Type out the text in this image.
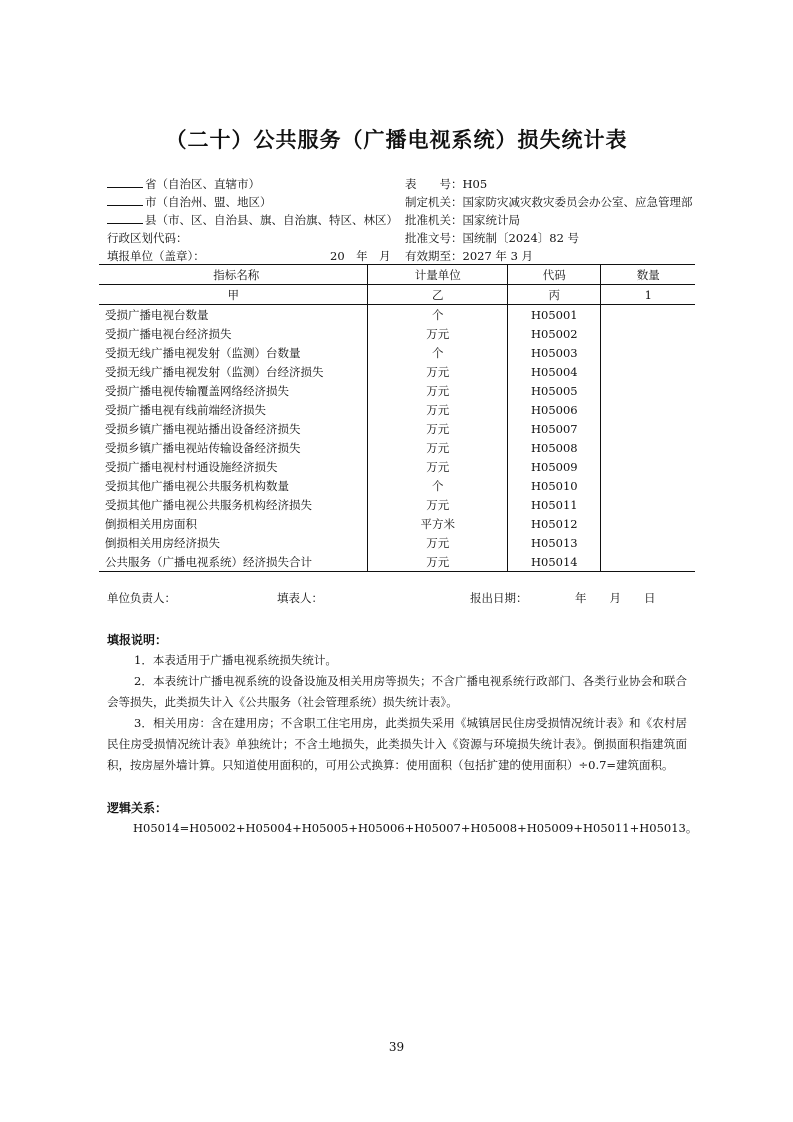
（二十）公共服务（广播电视系统）损失统计表
省（自治区、直辖市）
市（自治州、盟、地区）
县（市、区、自治县、旗、自治旗、特区、林区）
行政区划代码：
填报单位（盖章）：	20　年　月
表　　号：H05
制定机关：国家防灾减灾救灾委员会办公室、应急管理部
批准机关：国家统计局
批准文号：国统制〔2024〕82 号
有效期至：2027 年 3 月
指标名称	计量单位	代码	数量
甲	乙	丙	1
受损广播电视台数量	个	H05001	
受损广播电视台经济损失	万元	H05002	
受损无线广播电视发射（监测）台数量	个	H05003	
受损无线广播电视发射（监测）台经济损失	万元	H05004	
受损广播电视传输覆盖网络经济损失	万元	H05005	
受损广播电视有线前端经济损失	万元	H05006	
受损乡镇广播电视站播出设备经济损失	万元	H05007	
受损乡镇广播电视站传输设备经济损失	万元	H05008	
受损广播电视村村通设施经济损失	万元	H05009	
受损其他广播电视公共服务机构数量	个	H05010	
受损其他广播电视公共服务机构经济损失	万元	H05011	
倒损相关用房面积	平方米	H05012	
倒损相关用房经济损失	万元	H05013	
公共服务（广播电视系统）经济损失合计	万元	H05014	
单位负责人：	填表人：	报出日期：	年　　月　　日
填报说明：
1．本表适用于广播电视系统损失统计。
2．本表统计广播电视系统的设备设施及相关用房等损失；不含广播电视系统行政部门、各类行业协会和联合会等损失，此类损失计入《公共服务（社会管理系统）损失统计表》。
3．相关用房：含在建用房；不含职工住宅用房，此类损失采用《城镇居民住房受损情况统计表》和《农村居民住房受损情况统计表》单独统计；不含土地损失，此类损失计入《资源与环境损失统计表》。倒损面积指建筑面积，按房屋外墙计算。只知道使用面积的，可用公式换算：使用面积（包括扩建的使用面积）÷0.7=建筑面积。
逻辑关系：
H05014=H05002+H05004+H05005+H05006+H05007+H05008+H05009+H05011+H05013。
39
